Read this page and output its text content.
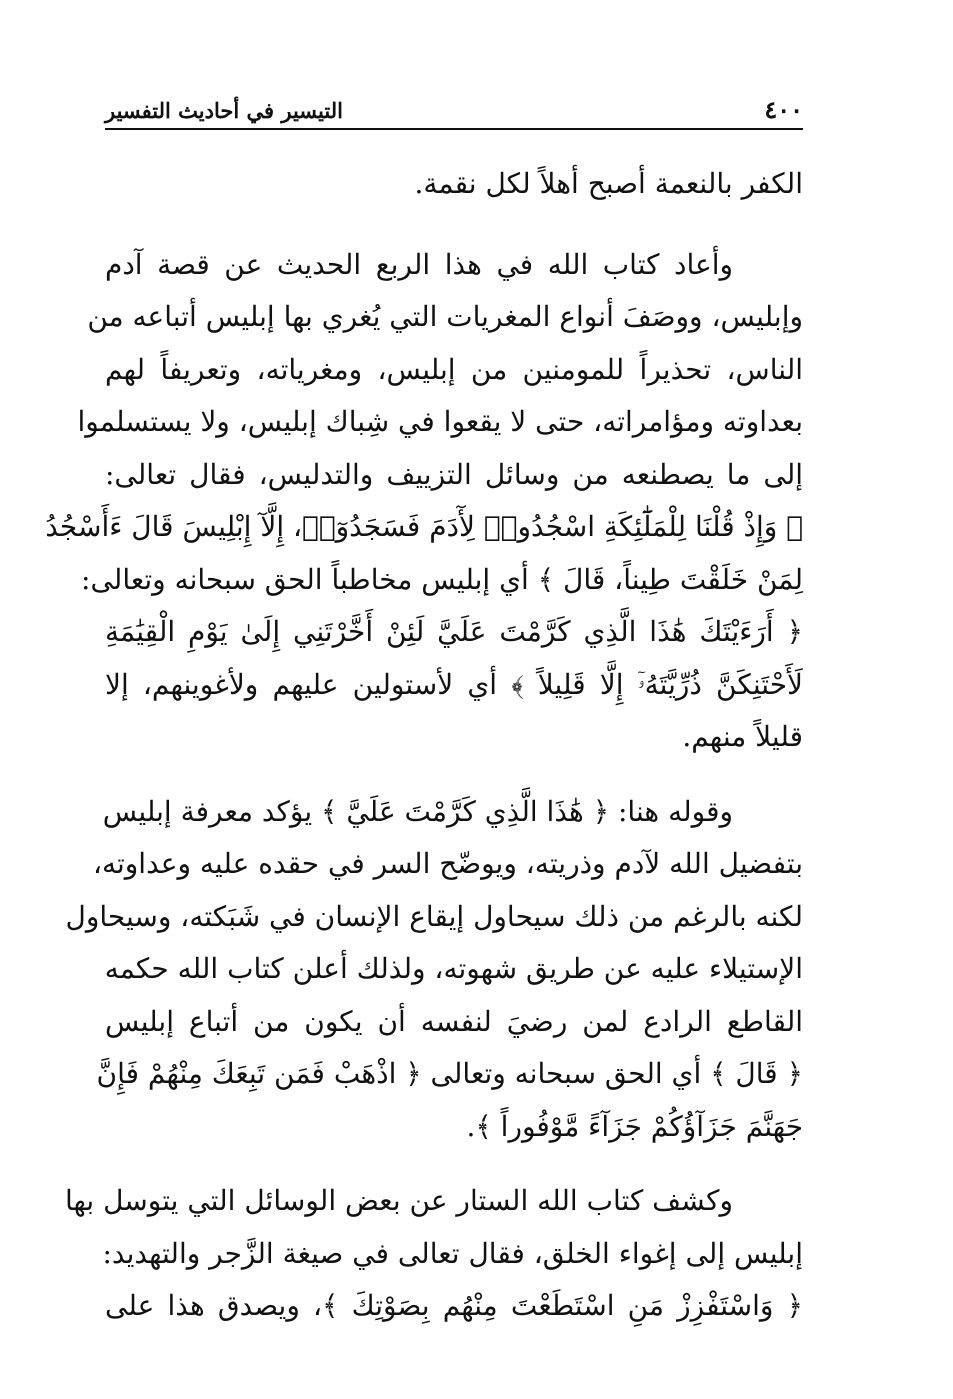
٤٠٠
التيسير في أحاديث التفسير

الكفر بالنعمة أصبح أهلاً لكل نقمة.

وأعاد كتاب الله في هذا الربع الحديث عن قصة آدم
وإبليس، ووصَفَ أنواع المغريات التي يُغري بها إبليس أتباعه من
الناس، تحذيراً للمومنين من إبليس، ومغرياته، وتعريفاً لهم
بعداوته ومؤامراته، حتى لا يقعوا في شِباك إبليس، ولا يستسلموا
إلى ما يصطنعه من وسائل التزييف والتدليس، فقال تعالى:
﴿ وَإِذْ قُلْنَا لِلْمَلَٰٓئِكَةِ اسْجُدُوا۟ لِأٓدَمَ فَسَجَدُوٓا۟، إِلَّآ إِبْلِيسَ قَالَ ءَأَسْجُدُ
لِمَنْ خَلَقْتَ طِيناً، قَالَ ﴾ أي إبليس مخاطباً الحق سبحانه وتعالى:
﴿ أَرَءَيْتَكَ هَٰذَا الَّذِي كَرَّمْتَ عَلَيَّ لَئِنْ أَخَّرْتَنِي إِلَىٰ يَوْمِ الْقِيَٰمَةِ
لَأَحْتَنِكَنَّ ذُرِّيَّتَهُۥٓ إِلَّا قَلِيلاً ﴾ أي لأستولين عليهم ولأغوينهم، إلا
قليلاً منهم.

وقوله هنا: ﴿ هَٰذَا الَّذِي كَرَّمْتَ عَلَيَّ ﴾ يؤكد معرفة إبليس
بتفضيل الله لآدم وذريته، ويوضّح السر في حقده عليه وعداوته،
لكنه بالرغم من ذلك سيحاول إيقاع الإنسان في شَبَكته، وسيحاول
الإستيلاء عليه عن طريق شهوته، ولذلك أعلن كتاب الله حكمه
القاطع الرادع لمن رضيَ لنفسه أن يكون من أتباع إبليس
﴿ قَالَ ﴾ أي الحق سبحانه وتعالى ﴿ اذْهَبْ فَمَن تَبِعَكَ مِنْهُمْ فَإِنَّ
جَهَنَّمَ جَزَآؤُكُمْ جَزَآءً مَّوْفُوراً ﴾.

وكشف كتاب الله الستار عن بعض الوسائل التي يتوسل بها
إبليس إلى إغواء الخلق، فقال تعالى في صيغة الزَّجر والتهديد:
﴿ وَاسْتَفْزِزْ مَنِ اسْتَطَعْتَ مِنْهُم بِصَوْتِكَ ﴾، ويصدق هذا على
